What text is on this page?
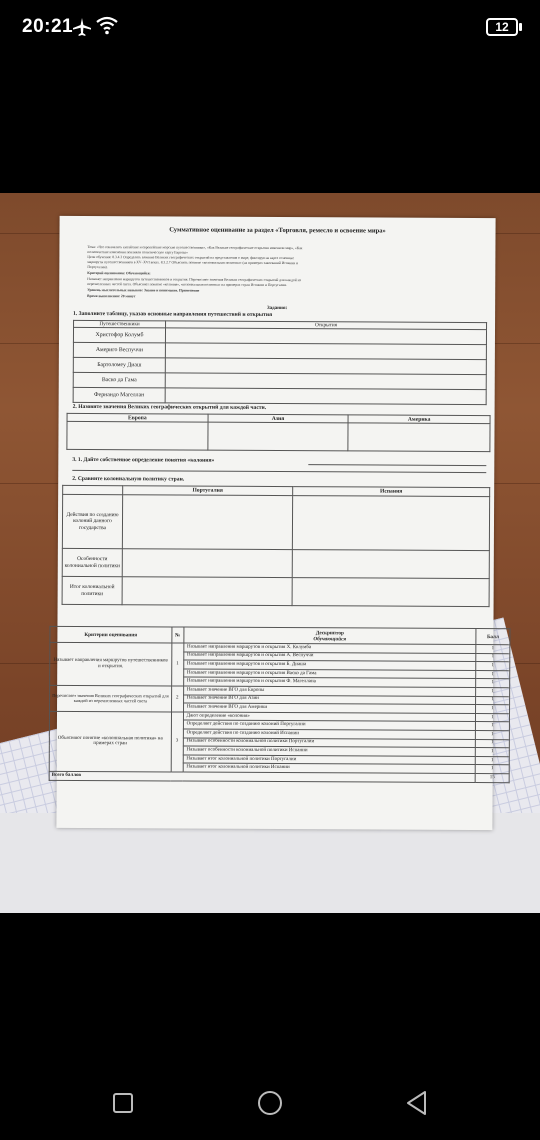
20:21	12
Суммативное оценивание за раздел «Торговля, ремесло и освоение мира»
Тема: «Что означались китайские и европейские морские путешественники», «Как Великие географические открытия изменили мир», «Как
политические изменения повлияли политическую карту Европы»
Цели обучения: 8.3.4.3 Определять влияние Великих географических открытий на представления о мире, фиксируя на карте основные
маршруты путешественников в XV–XVI веках. 8.3.2.7 Объяснять понятие «колониальная политика» (на примерах завоеваний Испании и
Португалии).
Критерий оценивания: Обучающийся:
Называет направления маршрутов путешественников и открытия. Перечисляет значения Великих географических открытий для каждой из
перечисленных частей света. Объясняет понятие «колония», «колониальная политика» на примерах стран Испании и Португалии.
Уровень мыслительных навыков: Знание и понимание. Применение
Время выполнения: 20 минут
Задания:
1. Заполните таблицу, указав основные направления путешествий и открытия
Путешественники	Открытия
Христофор Колумб	
Америго Веспуччи	
Бартоломеу Диаш	
Васко да Гама	
Фернандо Магеллан	
2. Назовите значения Великих географических открытий для каждой части.
Европа	Азия	Америка

3. 1. Дайте собственное определение понятия «колония»
2. Сравните колониальную политику стран.
	Португалия	Испания
Действия по созданию колоний данного государства		
Особенности колониальной политики		
Итог колониальной политики		
Критерии оценивания	№	Дескриптор
Обучающийся	Балл
Называет направления маршрутов путешественников и открытия.	1	Называет направления маршрутов и открытия Х. Колумба	1
		Называет направления маршрутов и открытия А. Веспуччи	1
		Называет направления маршрутов и открытия Б. Диаша	1
		Называет направления маршрутов и открытия Васко да Гама	1
		Называет направления маршрутов и открытия Ф. Магеллана	1
Перечисляет значения Великих географических открытий для каждой из перечисленных частей света	2	Называет значение ВГО для Европы	1
		Называет значение ВГО для Азии	1
		Называет значение ВГО для Америки	1
Объясняют понятие «колониальная политика» на примерах стран	3	Дают определение «колония»	1
		Определяет действия по созданию колоний Португалии	1
		Определяет действия по созданию колоний Испании	1
		Называет особенности колониальной политики Португалии	1
		Называет особенности колониальной политики Испании	1
		Называет итог колониальной политики Португалии	1
		Называет итог колониальной политики Испании	1
Всего баллов			15
